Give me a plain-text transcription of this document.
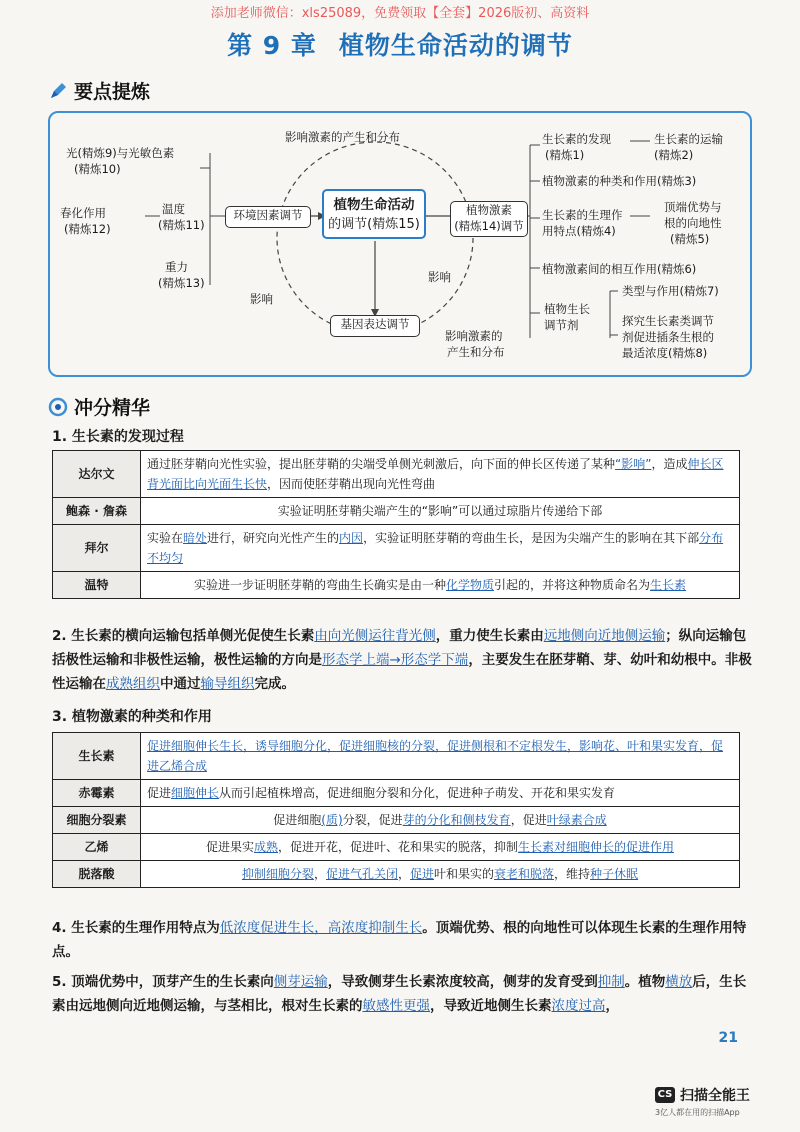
添加老师微信：xls25089，免费领取【全套】2026版初、高资料
第 9 章 植物生命活动的调节
要点提炼
影响激素的产生和分布
光(精炼9)与光敏色素
(精炼10)
春化作用
(精炼12)
温度
(精炼11)
重力
(精炼13)
环境因素调节
植物生命活动
的调节(精炼15)
植物激素
(精炼14)调节
基因表达调节
影响
影响
影响激素的
产生和分布
生长素的发现
(精炼1)
生长素的运输
(精炼2)
植物激素的种类和作用(精炼3)
生长素的生理作
用特点(精炼4)
顶端优势与
根的向地性
(精炼5)
植物激素间的相互作用(精炼6)
植物生长
调节剂
类型与作用(精炼7)
探究生长素类调节
剂促进插条生根的
最适浓度(精炼8)
冲分精华
1. 生长素的发现过程
达尔文	通过胚芽鞘向光性实验，提出胚芽鞘的尖端受单侧光刺激后，向下面的伸长区传递了某种“影响”，造成伸长区背光面比向光面生长快，因而使胚芽鞘出现向光性弯曲
鲍森 · 詹森	实验证明胚芽鞘尖端产生的“影响”可以通过琼脂片传递给下部
拜尔	实验在暗处进行，研究向光性产生的内因，实验证明胚芽鞘的弯曲生长，是因为尖端产生的影响在其下部分布不均匀
温特	实验进一步证明胚芽鞘的弯曲生长确实是由一种化学物质引起的，并将这种物质命名为生长素
2. 生长素的横向运输包括单侧光促使生长素由向光侧运往背光侧，重力使生长素由远地侧向近地侧运输；纵向运输包括极性运输和非极性运输，极性运输的方向是形态学上端→形态学下端，主要发生在胚芽鞘、芽、幼叶和幼根中。非极性运输在成熟组织中通过输导组织完成。
3. 植物激素的种类和作用
生长素	促进细胞伸长生长，诱导细胞分化，促进细胞核的分裂，促进侧根和不定根发生，影响花、叶和果实发育，促进乙烯合成
赤霉素	促进细胞伸长从而引起植株增高，促进细胞分裂和分化，促进种子萌发、开花和果实发育
细胞分裂素	促进细胞(质)分裂，促进芽的分化和侧枝发育，促进叶绿素合成
乙烯	促进果实成熟，促进开花，促进叶、花和果实的脱落，抑制生长素对细胞伸长的促进作用
脱落酸	抑制细胞分裂，促进气孔关闭，促进叶和果实的衰老和脱落，维持种子休眠
4. 生长素的生理作用特点为低浓度促进生长，高浓度抑制生长。顶端优势、根的向地性可以体现生长素的生理作用特点。
5. 顶端优势中，顶芽产生的生长素向侧芽运输，导致侧芽生长素浓度较高，侧芽的发育受到抑制。植物横放后，生长素由远地侧向近地侧运输，与茎相比，根对生长素的敏感性更强，导致近地侧生长素浓度过高，
21
CS 扫描全能王
3亿人都在用的扫描App
